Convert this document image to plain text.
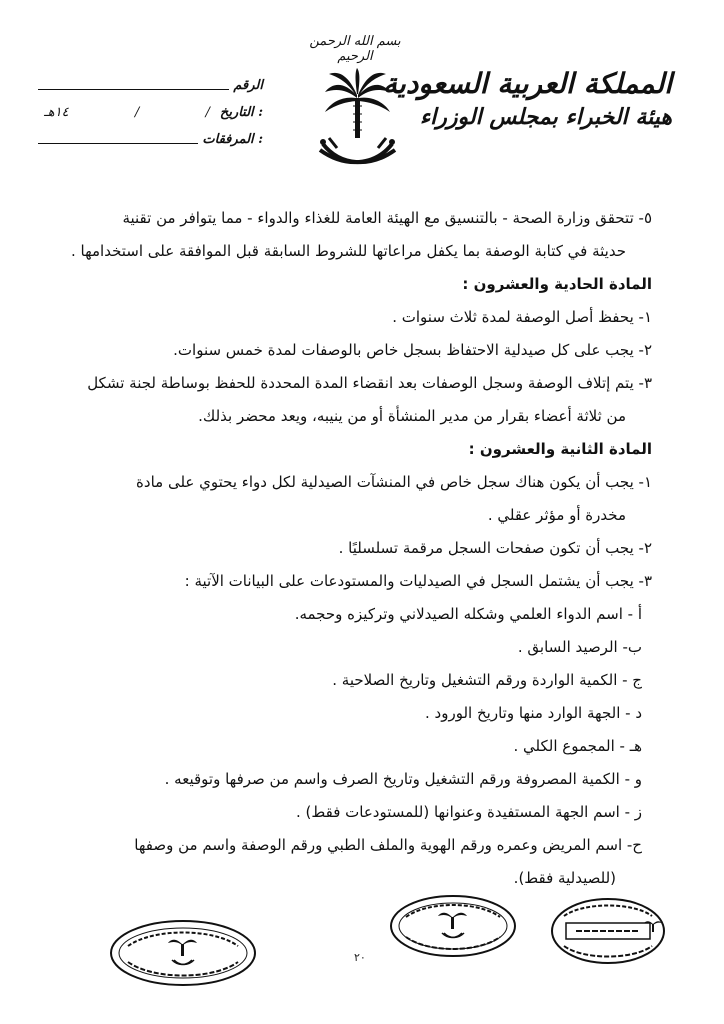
بسم الله الرحمن الرحيم
المملكة العربية السعودية
هيئة الخبراء بمجلس الوزراء
الرقم
التاريخ :
/
/
١٤هـ
المرفقات :

٥- تتحقق وزارة الصحة - بالتنسيق مع الهيئة العامة للغذاء والدواء - مما يتوافر من تقنية

حديثة في كتابة الوصفة بما يكفل مراعاتها للشروط السابقة قبل الموافقة على استخدامها .

المادة الحادية والعشرون :

١- يحفظ أصل الوصفة لمدة ثلاث سنوات .

٢- يجب على كل صيدلية الاحتفاظ بسجل خاص بالوصفات لمدة خمس سنوات.

٣- يتم إتلاف الوصفة وسجل الوصفات بعد انقضاء المدة المحددة للحفظ بوساطة لجنة تشكل

من ثلاثة أعضاء بقرار من مدير المنشأة أو من ينيبه، ويعد محضر بذلك.

المادة الثانية والعشرون :

١- يجب أن يكون هناك سجل خاص في المنشآت الصيدلية لكل دواء يحتوي على مادة

مخدرة أو مؤثر عقلي .

٢- يجب أن تكون صفحات السجل مرقمة تسلسليًا .

٣- يجب أن يشتمل السجل في الصيدليات والمستودعات على البيانات الآتية :

أ - اسم الدواء العلمي وشكله الصيدلاني وتركيزه وحجمه.

ب- الرصيد السابق .

ج - الكمية الواردة ورقم التشغيل وتاريخ الصلاحية .

د - الجهة الوارد منها وتاريخ الورود .

هـ - المجموع الكلي .

و - الكمية المصروفة ورقم التشغيل وتاريخ الصرف واسم من صرفها وتوقيعه .

ز - اسم الجهة المستفيدة وعنوانها (للمستودعات فقط) .

ح- اسم المريض وعمره ورقم الهوية والملف الطبي ورقم الوصفة واسم من وصفها

(للصيدلية فقط).

٢٠
